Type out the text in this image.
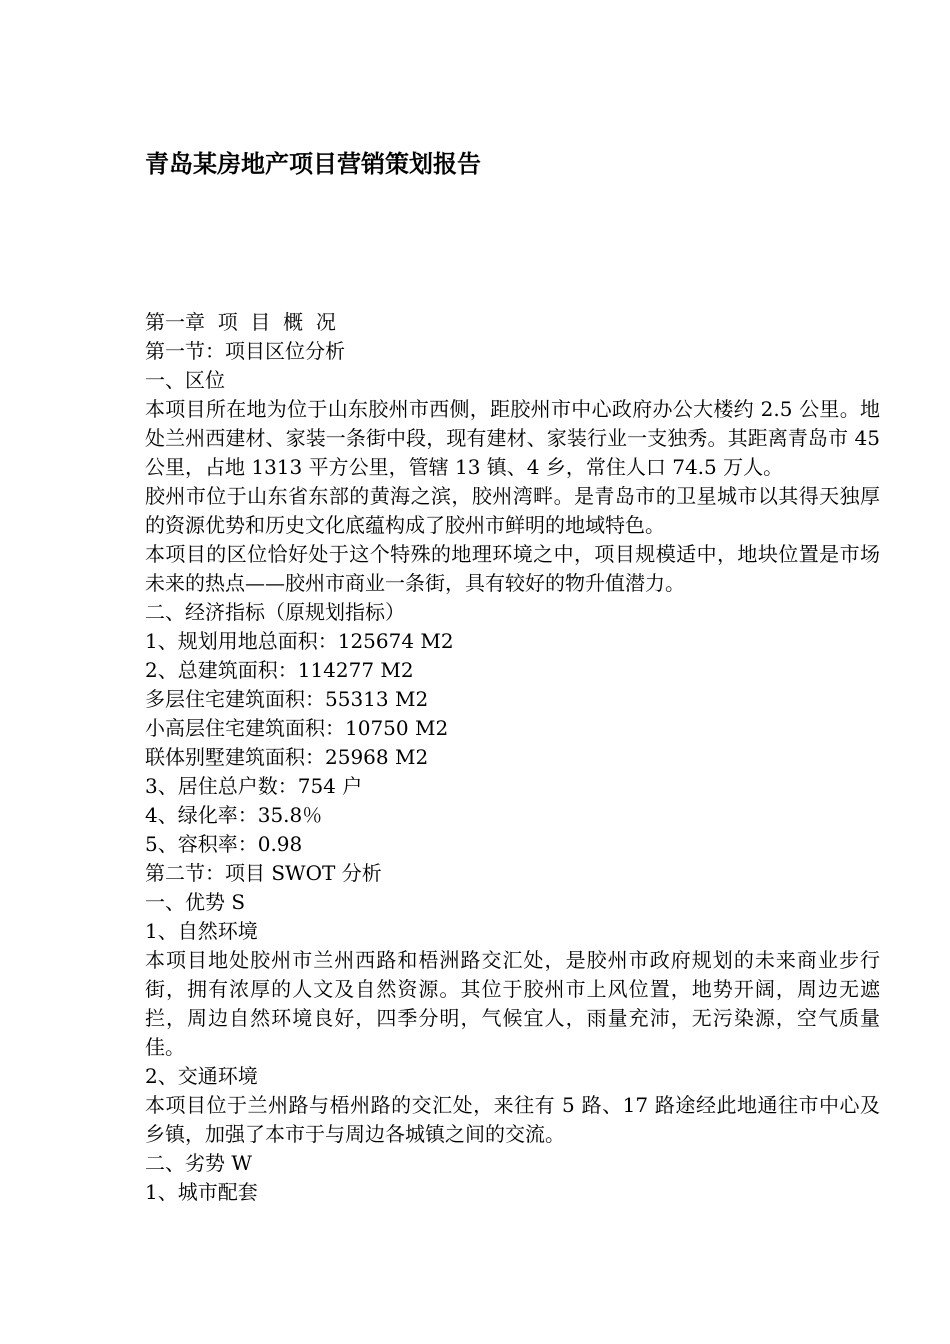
青岛某房地产项目营销策划报告

第一章  项  目  概  况

第一节：项目区位分析

一、区位

本项目所在地为位于山东胶州市西侧，距胶州市中心政府办公大楼约 2.5 公里。地处兰州西建材、家装一条街中段，现有建材、家装行业一支独秀。其距离青岛市 45 公里，占地 1313 平方公里，管辖 13 镇、4 乡，常住人口 74.5 万人。

胶州市位于山东省东部的黄海之滨，胶州湾畔。是青岛市的卫星城市以其得天独厚的资源优势和历史文化底蕴构成了胶州市鲜明的地域特色。

本项目的区位恰好处于这个特殊的地理环境之中，项目规模适中，地块位置是市场未来的热点——胶州市商业一条街，具有较好的物升值潜力。

二、经济指标（原规划指标）

1、规划用地总面积：125674 M2

2、总建筑面积：114277 M2

多层住宅建筑面积：55313 M2

小高层住宅建筑面积：10750 M2

联体别墅建筑面积：25968 M2

3、居住总户数：754 户

4、绿化率：35.8％

5、容积率：0.98

第二节：项目 SWOT 分析

一、优势 S

1、自然环境

本项目地处胶州市兰州西路和梧洲路交汇处，是胶州市政府规划的未来商业步行街，拥有浓厚的人文及自然资源。其位于胶州市上风位置，地势开阔，周边无遮拦，周边自然环境良好，四季分明，气候宜人，雨量充沛，无污染源，空气质量佳。

2、交通环境

本项目位于兰州路与梧州路的交汇处，来往有 5 路、17 路途经此地通往市中心及乡镇，加强了本市于与周边各城镇之间的交流。

二、劣势 W

1、城市配套
